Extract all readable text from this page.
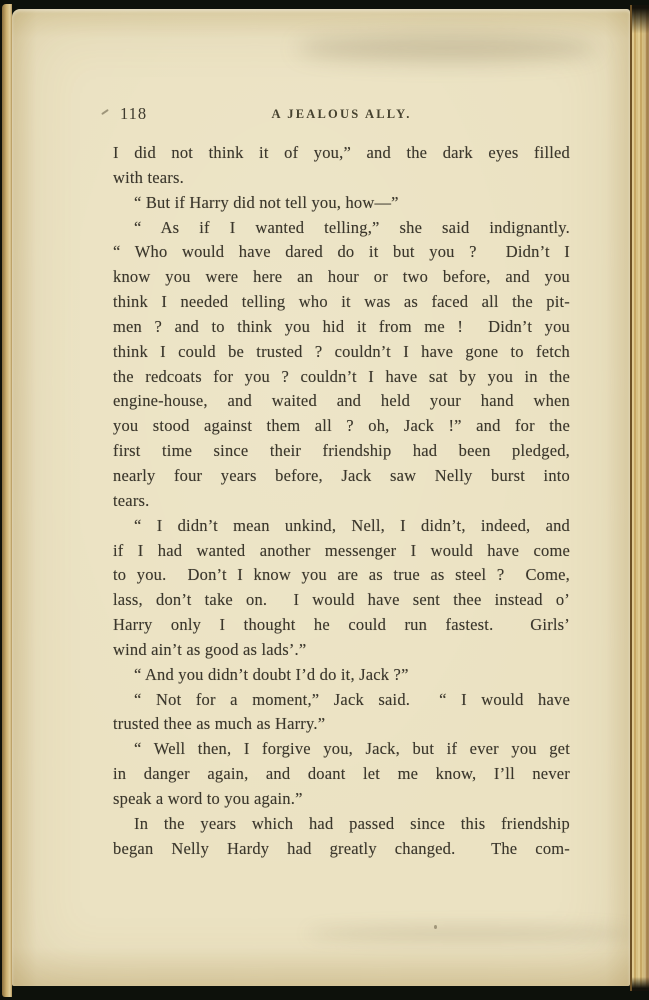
118	A JEALOUS ALLY.
I did not think it of you,” and the dark eyes filled
with tears.
“ But if Harry did not tell you, how—”
“ As if I wanted telling,” she said indignantly.
“ Who would have dared do it but you ?  Didn’t I
know you were here an hour or two before, and you
think I needed telling who it was as faced all the pit-
men ? and to think you hid it from me !  Didn’t you
think I could be trusted ? couldn’t I have gone to fetch
the redcoats for you ? couldn’t I have sat by you in the
engine-house, and waited and held your hand when
you stood against them all ? oh, Jack !” and for the
first time since their friendship had been pledged,
nearly four years before, Jack saw Nelly burst into
tears.
“ I didn’t mean unkind, Nell, I didn’t, indeed, and
if I had wanted another messenger I would have come
to you.  Don’t I know you are as true as steel ?  Come,
lass, don’t take on.  I would have sent thee instead o’
Harry only I thought he could run fastest.  Girls’
wind ain’t as good as lads’.”
“ And you didn’t doubt I’d do it, Jack ?”
“ Not for a moment,” Jack said.  “ I would have
trusted thee as much as Harry.”
“ Well then, I forgive you, Jack, but if ever you get
in danger again, and doant let me know, I’ll never
speak a word to you again.”
In the years which had passed since this friendship
began Nelly Hardy had greatly changed.  The com-
